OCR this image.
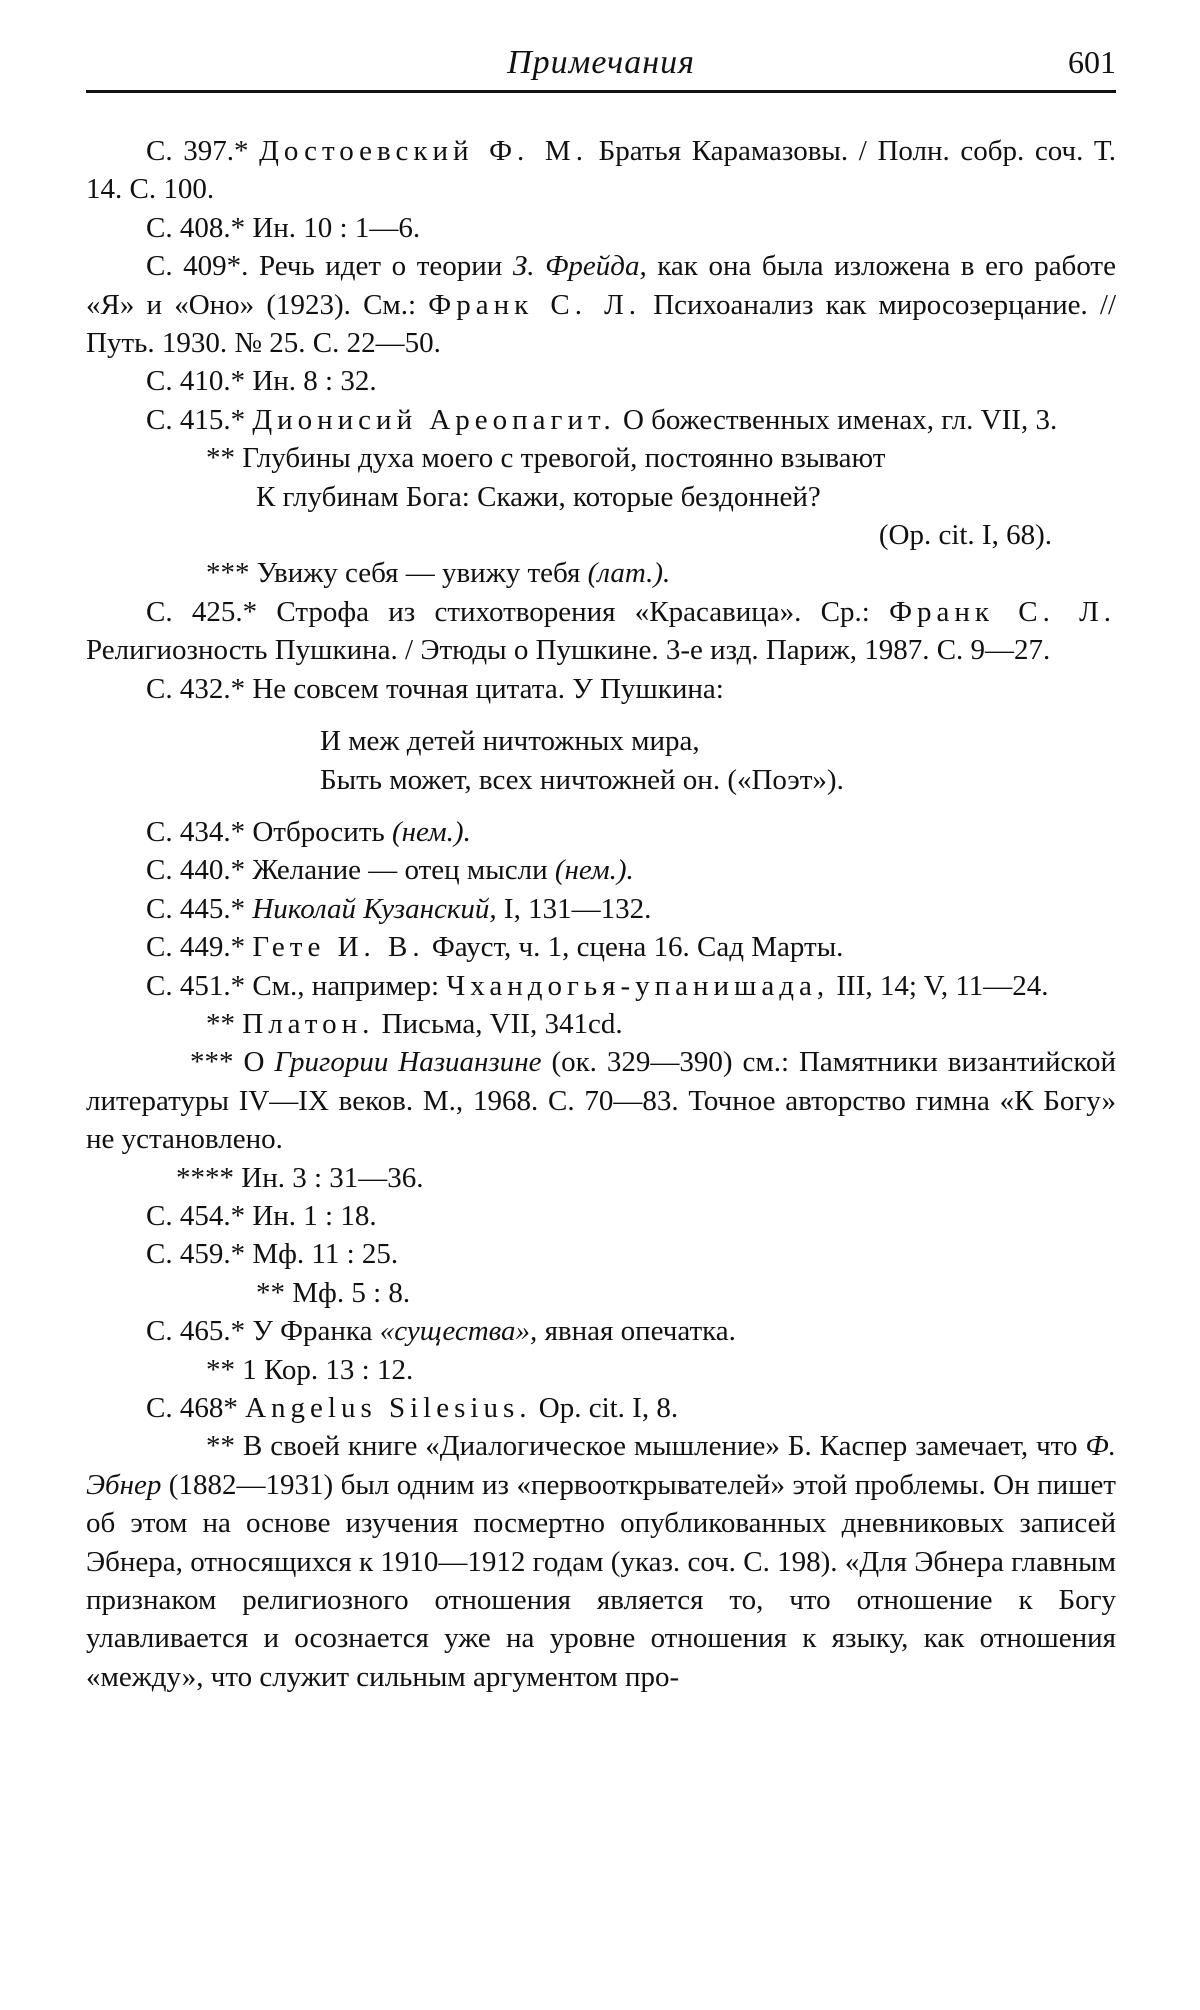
Примечания	601

С. 397.* Достоевский Ф. М. Братья Карамазовы. / Полн. собр. соч. Т. 14. С. 100.

С. 408.* Ин. 10 : 1—6.

С. 409*. Речь идет о теории З. Фрейда, как она была изложена в его работе «Я» и «Оно» (1923). См.: Франк С. Л. Психоанализ как миросозерцание. // Путь. 1930. № 25. С. 22—50.

С. 410.* Ин. 8 : 32.

С. 415.* Дионисий Ареопагит. О божественных именах, гл. VII, 3.

** Глубины духа моего с тревогой, постоянно взывают

К глубинам Бога: Скажи, которые бездонней?

(Op. cit. I, 68).

*** Увижу себя — увижу тебя (лат.).

С. 425.* Строфа из стихотворения «Красавица». Ср.: Франк С. Л. Религиозность Пушкина. / Этюды о Пушкине. 3-е изд. Париж, 1987. С. 9—27.

С. 432.* Не совсем точная цитата. У Пушкина:

И меж детей ничтожных мира,

Быть может, всех ничтожней он. («Поэт»).

С. 434.* Отбросить (нем.).

С. 440.* Желание — отец мысли (нем.).

С. 445.* Николай Кузанский, I, 131—132.

С. 449.* Гете И. В. Фауст, ч. 1, сцена 16. Сад Марты.

С. 451.* См., например: Чхандогья-упанишада, III, 14; V, 11—24.

** Платон. Письма, VII, 341cd.

*** О Григории Назианзине (ок. 329—390) см.: Памятники византийской литературы IV—IX веков. М., 1968. С. 70—83. Точное авторство гимна «К Богу» не установлено.

**** Ин. 3 : 31—36.

С. 454.* Ин. 1 : 18.

С. 459.* Мф. 11 : 25.

** Мф. 5 : 8.

С. 465.* У Франка «существа», явная опечатка.

** 1 Кор. 13 : 12.

С. 468* Angelus Silesius. Op. cit. I, 8.

** В своей книге «Диалогическое мышление» Б. Каспер замечает, что Ф. Эбнер (1882—1931) был одним из «первооткрывателей» этой проблемы. Он пишет об этом на основе изучения посмертно опубликованных дневниковых записей Эбнера, относящихся к 1910—1912 годам (указ. соч. С. 198). «Для Эбнера главным признаком религиозного отношения является то, что отношение к Богу улавливается и осознается уже на уровне отношения к языку, как отношения «между», что служит сильным аргументом про-
